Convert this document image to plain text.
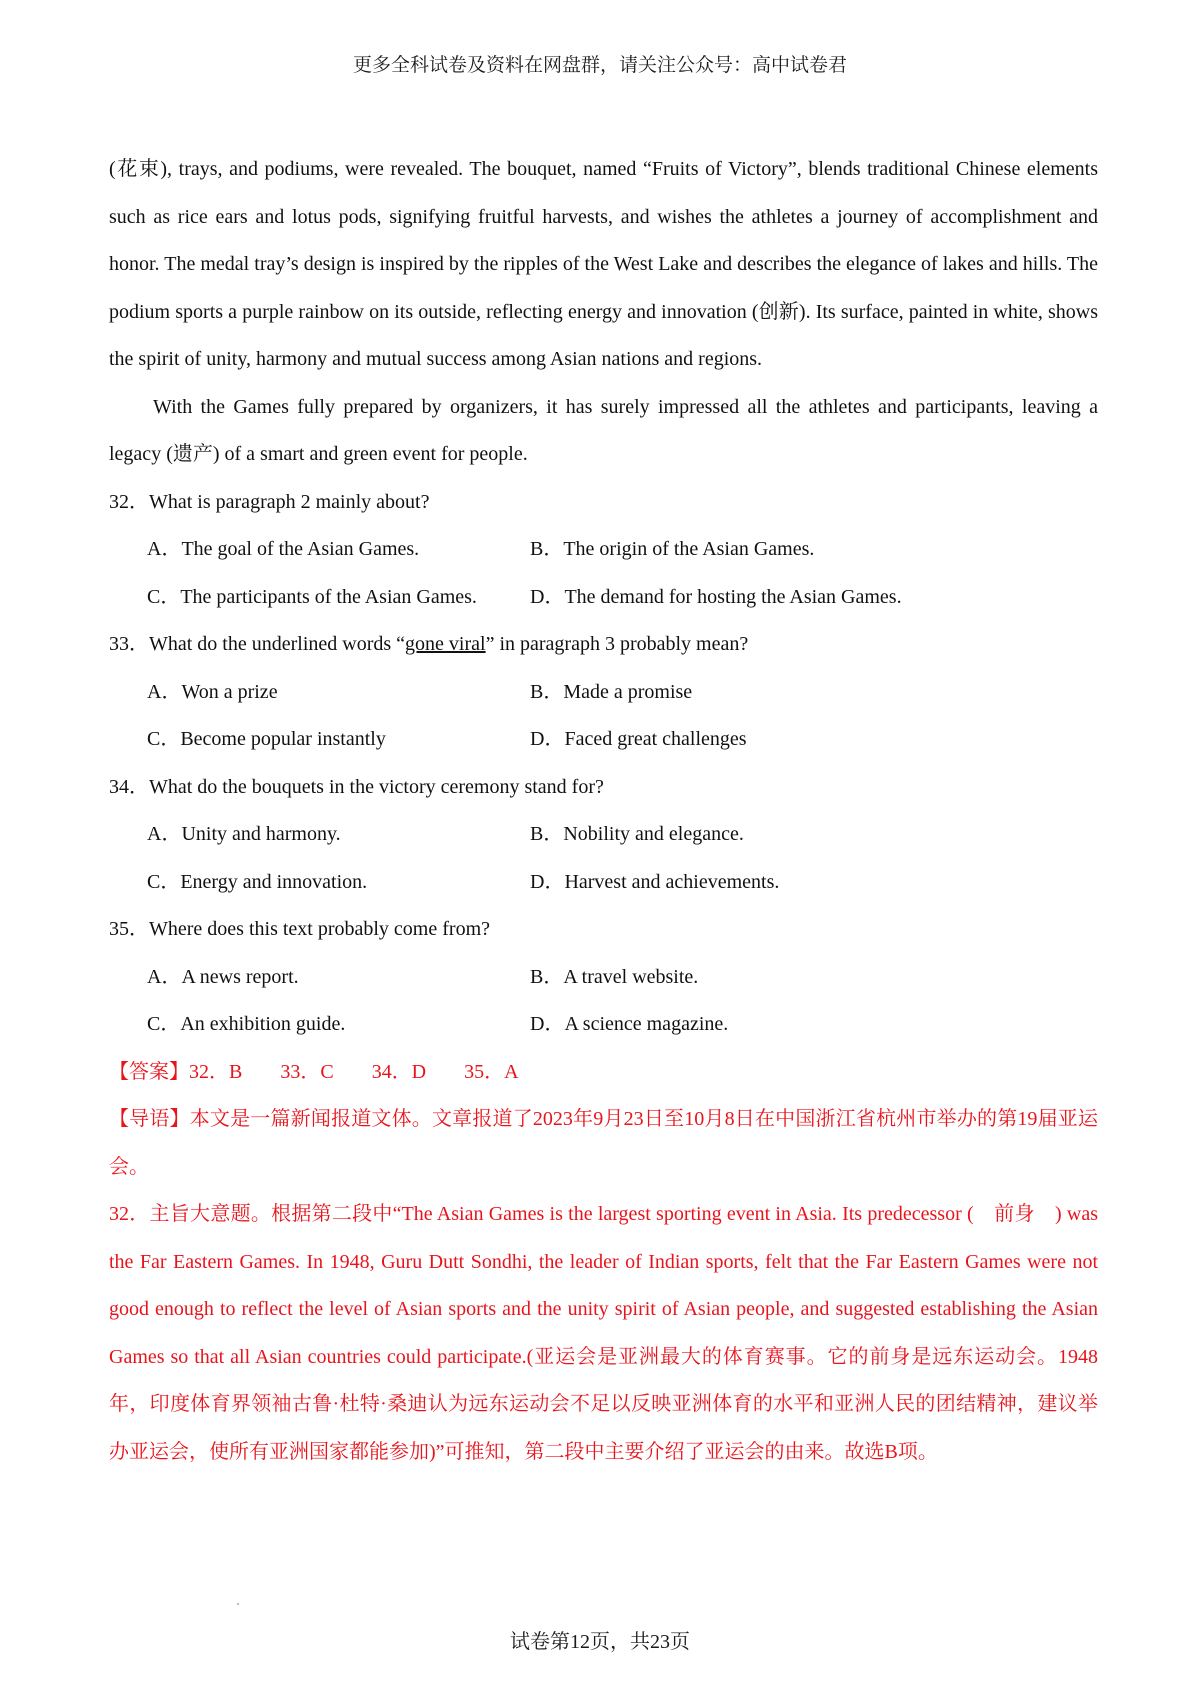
更多全科试卷及资料在网盘群，请关注公众号：高中试卷君

(花束), trays, and podiums, were revealed. The bouquet, named “Fruits of Victory”, blends traditional Chinese elements such as rice ears and lotus pods, signifying fruitful harvests, and wishes the athletes a journey of accomplishment and honor. The medal tray’s design is inspired by the ripples of the West Lake and describes the elegance of lakes and hills. The podium sports a purple rainbow on its outside, reflecting energy and innovation (创新). Its surface, painted in white, shows the spirit of unity, harmony and mutual success among Asian nations and regions.

With the Games fully prepared by organizers, it has surely impressed all the athletes and participants, leaving a legacy (遗产) of a smart and green event for people.

32．What is paragraph 2 mainly about?

A．The goal of the Asian Games.	B．The origin of the Asian Games.
C．The participants of the Asian Games.	D．The demand for hosting the Asian Games.

33．What do the underlined words “gone viral” in paragraph 3 probably mean?

A．Won a prize	B．Made a promise
C．Become popular instantly	D．Faced great challenges

34．What do the bouquets in the victory ceremony stand for?

A．Unity and harmony.	B．Nobility and elegance.
C．Energy and innovation.	D．Harvest and achievements.

35．Where does this text probably come from?

A．A news report.	B．A travel website.
C．An exhibition guide.	D．A science magazine.

【答案】32．B 33．C 34．D 35．A

【导语】本文是一篇新闻报道文体。文章报道了2023年9月23日至10月8日在中国浙江省杭州市举办的第19届亚运会。

32．主旨大意题。根据第二段中“The Asian Games is the largest sporting event in Asia. Its predecessor (　前身　) was the Far Eastern Games. In 1948, Guru Dutt Sondhi, the leader of Indian sports, felt that the Far Eastern Games were not good enough to reflect the level of Asian sports and the unity spirit of Asian people, and suggested establishing the Asian Games so that all Asian countries could participate.(亚运会是亚洲最大的体育赛事。它的前身是远东运动会。1948年，印度体育界领袖古鲁·杜特·桑迪认为远东运动会不足以反映亚洲体育的水平和亚洲人民的团结精神，建议举办亚运会，使所有亚洲国家都能参加)”可推知，第二段中主要介绍了亚运会的由来。故选B项。

试卷第12页，共23页
